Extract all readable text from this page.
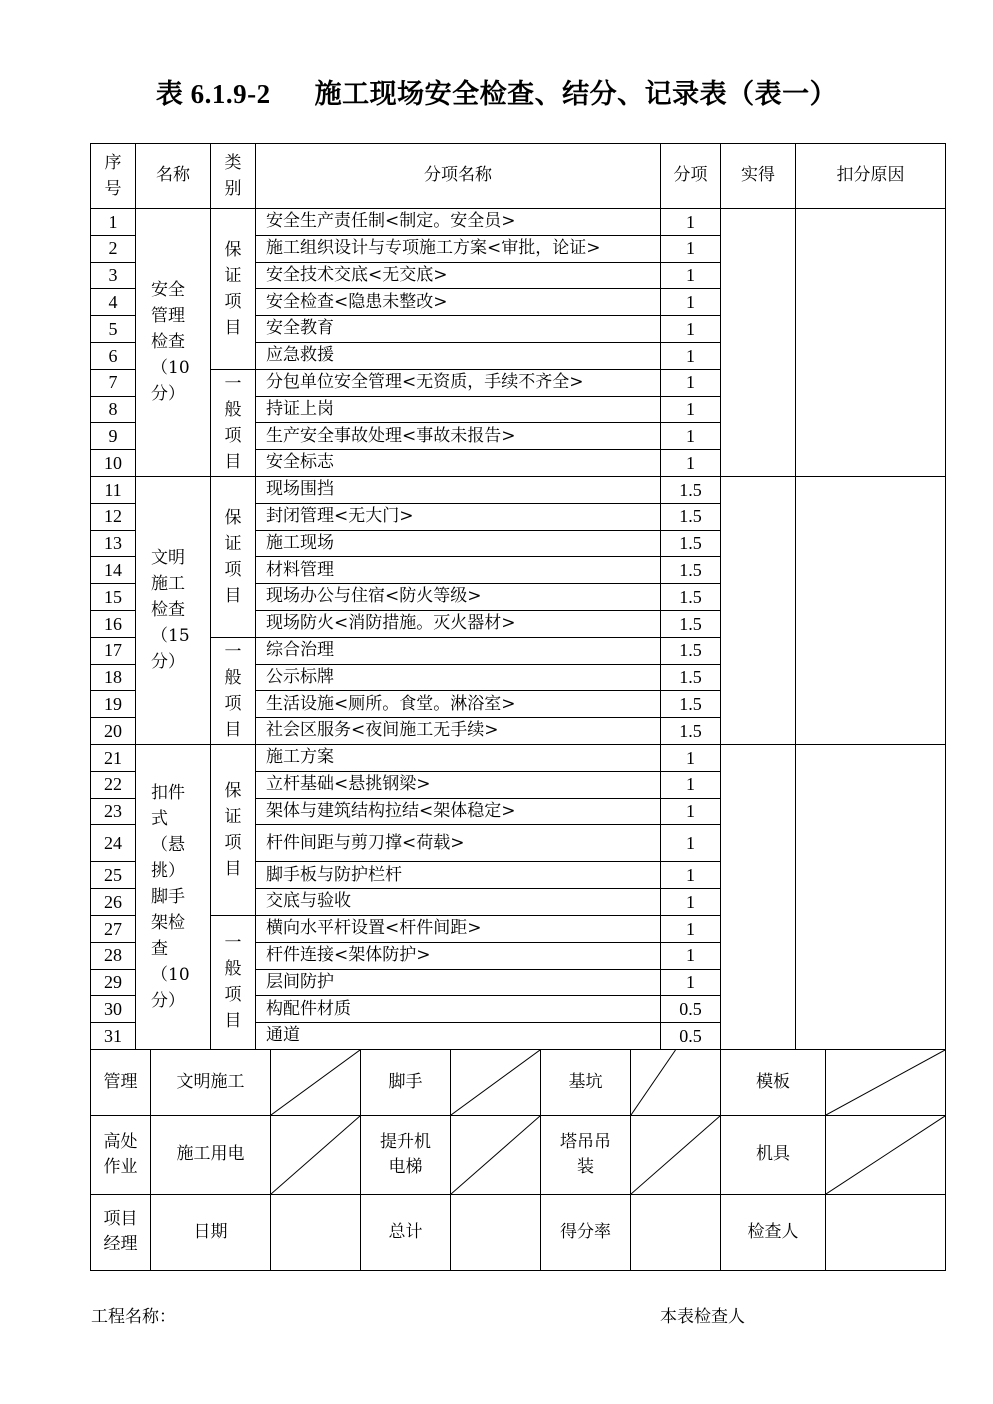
表 6.1.9-2 施工现场安全检查、结分、记录表（表一）
序号	名称	类别	分项名称	分项	实得	扣分原因
1	安全管理检查（10分）	保证项目	安全生产责任制<制定。安全员>	1		
2			施工组织设计与专项施工方案<审批，论证>	1		
3			安全技术交底<无交底>	1		
4			安全检查<隐患未整改>	1		
5			安全教育	1		
6			应急救援	1		
7		一般项目	分包单位安全管理<无资质，手续不齐全>	1		
8			持证上岗	1		
9			生产安全事故处理<事故未报告>	1		
10			安全标志	1		
11	文明施工检查（15分）	保证项目	现场围挡	1.5		
12			封闭管理<无大门>	1.5		
13			施工现场	1.5		
14			材料管理	1.5		
15			现场办公与住宿<防火等级>	1.5		
16			现场防火<消防措施。灭火器材>	1.5		
17		一般项目	综合治理	1.5		
18			公示标牌	1.5		
19			生活设施<厕所。食堂。淋浴室>	1.5		
20			社会区服务<夜间施工无手续>	1.5		
21	扣件式（悬挑）脚手架检查（10分）	保证项目	施工方案	1		
22			立杆基础<悬挑钢梁>	1		
23			架体与建筑结构拉结<架体稳定>	1		
24			杆件间距与剪刀撑<荷载>	1		
25			脚手板与防护栏杆	1		
26			交底与验收	1		
27		一般项目	横向水平杆设置<杆件间距>	1		
28			杆件连接<架体防护>	1		
29			层间防护	1		
30			构配件材质	0.5		
31			通道	0.5		
管理	文明施工		脚手		基坑		模板

高处作业	施工用电		提升机电梯		塔吊吊装		机具

项目经理	日期		总计		得分率		检查人	

工程名称：	本表检查人
